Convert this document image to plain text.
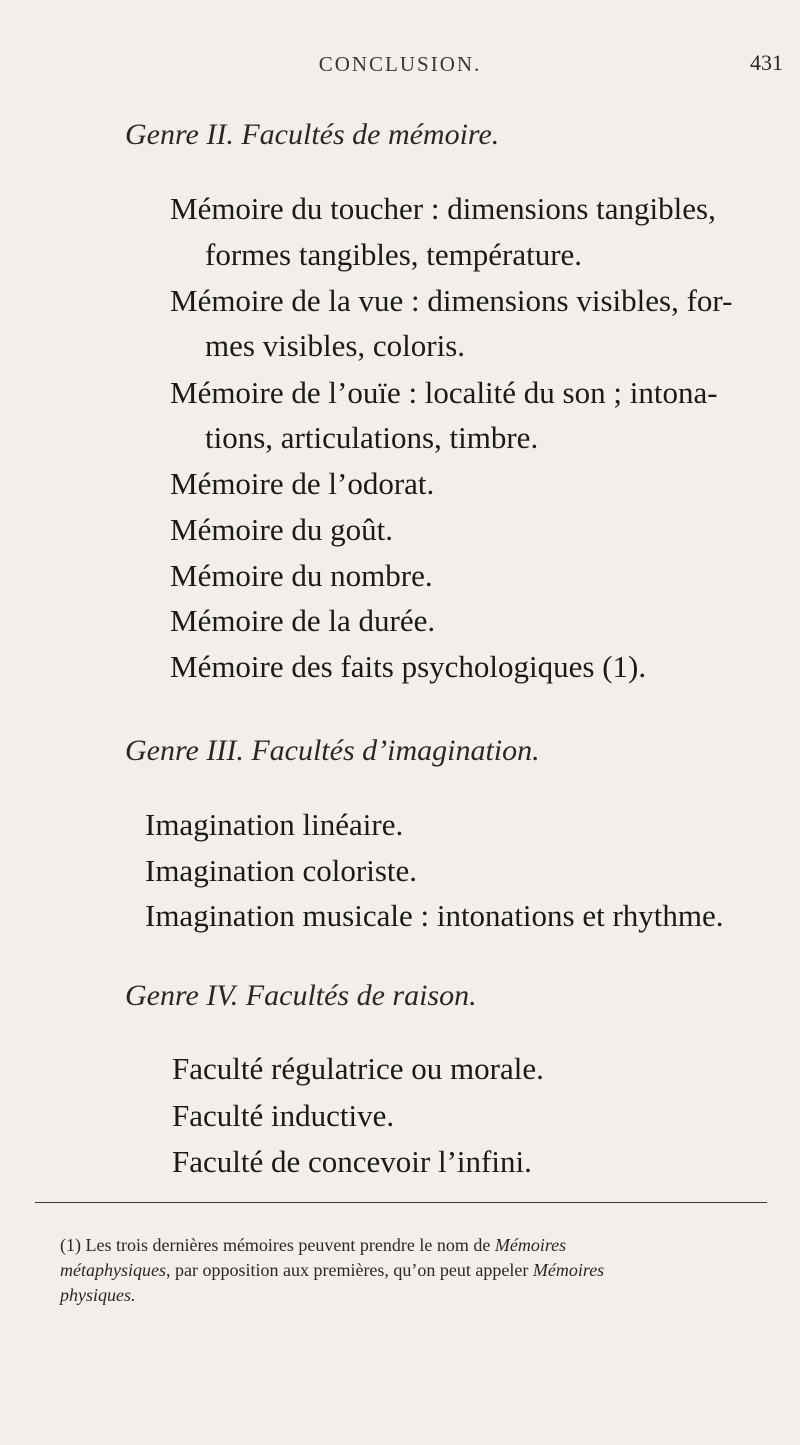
CONCLUSION.	431
Genre II. Facultés de mémoire.
Mémoire du toucher : dimensions tangibles,
formes tangibles, température.
Mémoire de la vue : dimensions visibles, for-
mes visibles, coloris.
Mémoire de l’ouïe : localité du son ; intona-
tions, articulations, timbre.
Mémoire de l’odorat.
Mémoire du goût.
Mémoire du nombre.
Mémoire de la durée.
Mémoire des faits psychologiques (1).
Genre III. Facultés d’imagination.
Imagination linéaire.
Imagination coloriste.
Imagination musicale : intonations et rhythme.
Genre IV. Facultés de raison.
Faculté régulatrice ou morale.
Faculté inductive.
Faculté de concevoir l’infini.
(1) Les trois dernières mémoires peuvent prendre le nom de Mémoires
métaphysiques, par opposition aux premières, qu’on peut appeler Mémoires
physiques.
